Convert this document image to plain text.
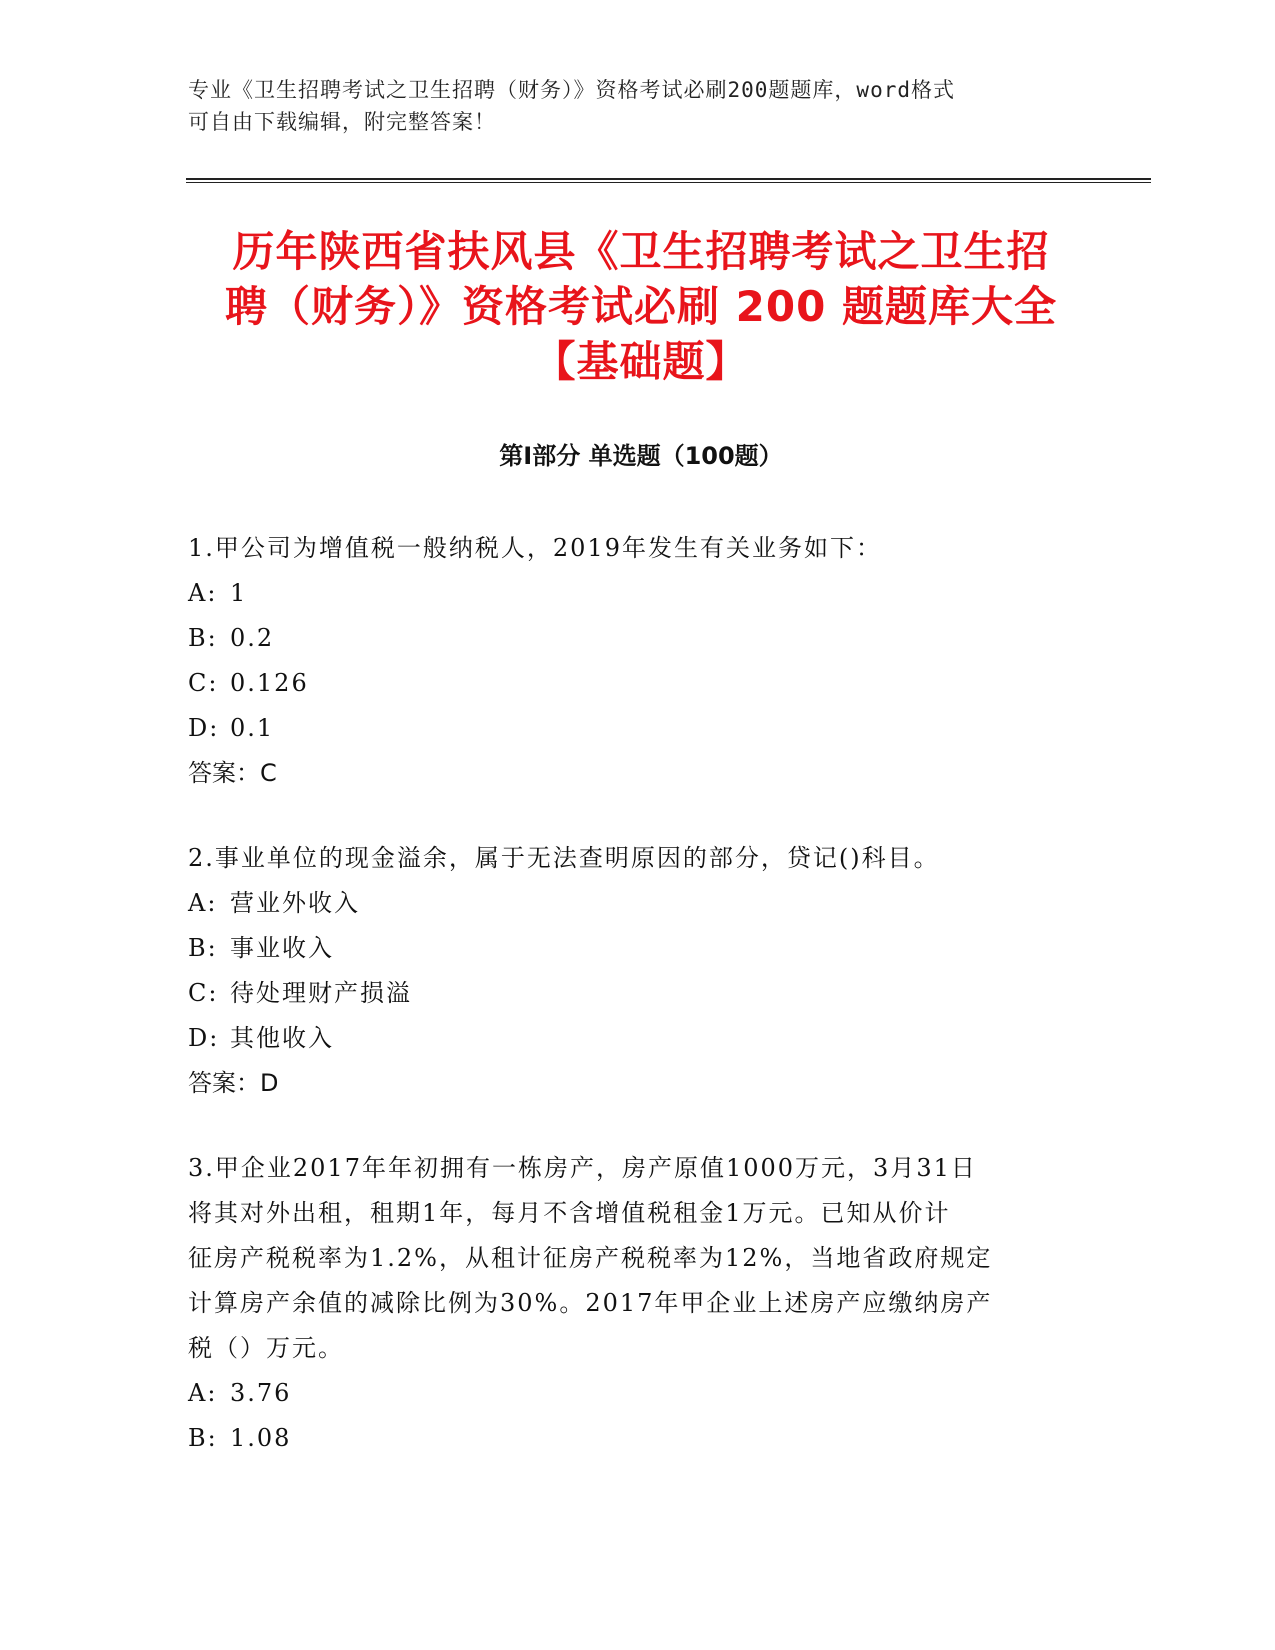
专业《卫生招聘考试之卫生招聘（财务）》资格考试必刷200题题库，word格式
可自由下载编辑，附完整答案！
历年陕西省扶风县《卫生招聘考试之卫生招
聘（财务）》资格考试必刷 200 题题库大全
【基础题】
第Ⅰ部分 单选题（100题）
1.甲公司为增值税一般纳税人，2019年发生有关业务如下：
A: 1
B: 0.2
C: 0.126
D: 0.1
答案：C
2.事业单位的现金溢余，属于无法查明原因的部分，贷记()科目。
A: 营业外收入
B: 事业收入
C: 待处理财产损溢
D: 其他收入
答案：D
3.甲企业2017年年初拥有一栋房产，房产原值1000万元，3月31日
将其对外出租，租期1年，每月不含增值税租金1万元。已知从价计
征房产税税率为1.2%，从租计征房产税税率为12%，当地省政府规定
计算房产余值的减除比例为30%。2017年甲企业上述房产应缴纳房产
税（）万元。
A: 3.76
B: 1.08
